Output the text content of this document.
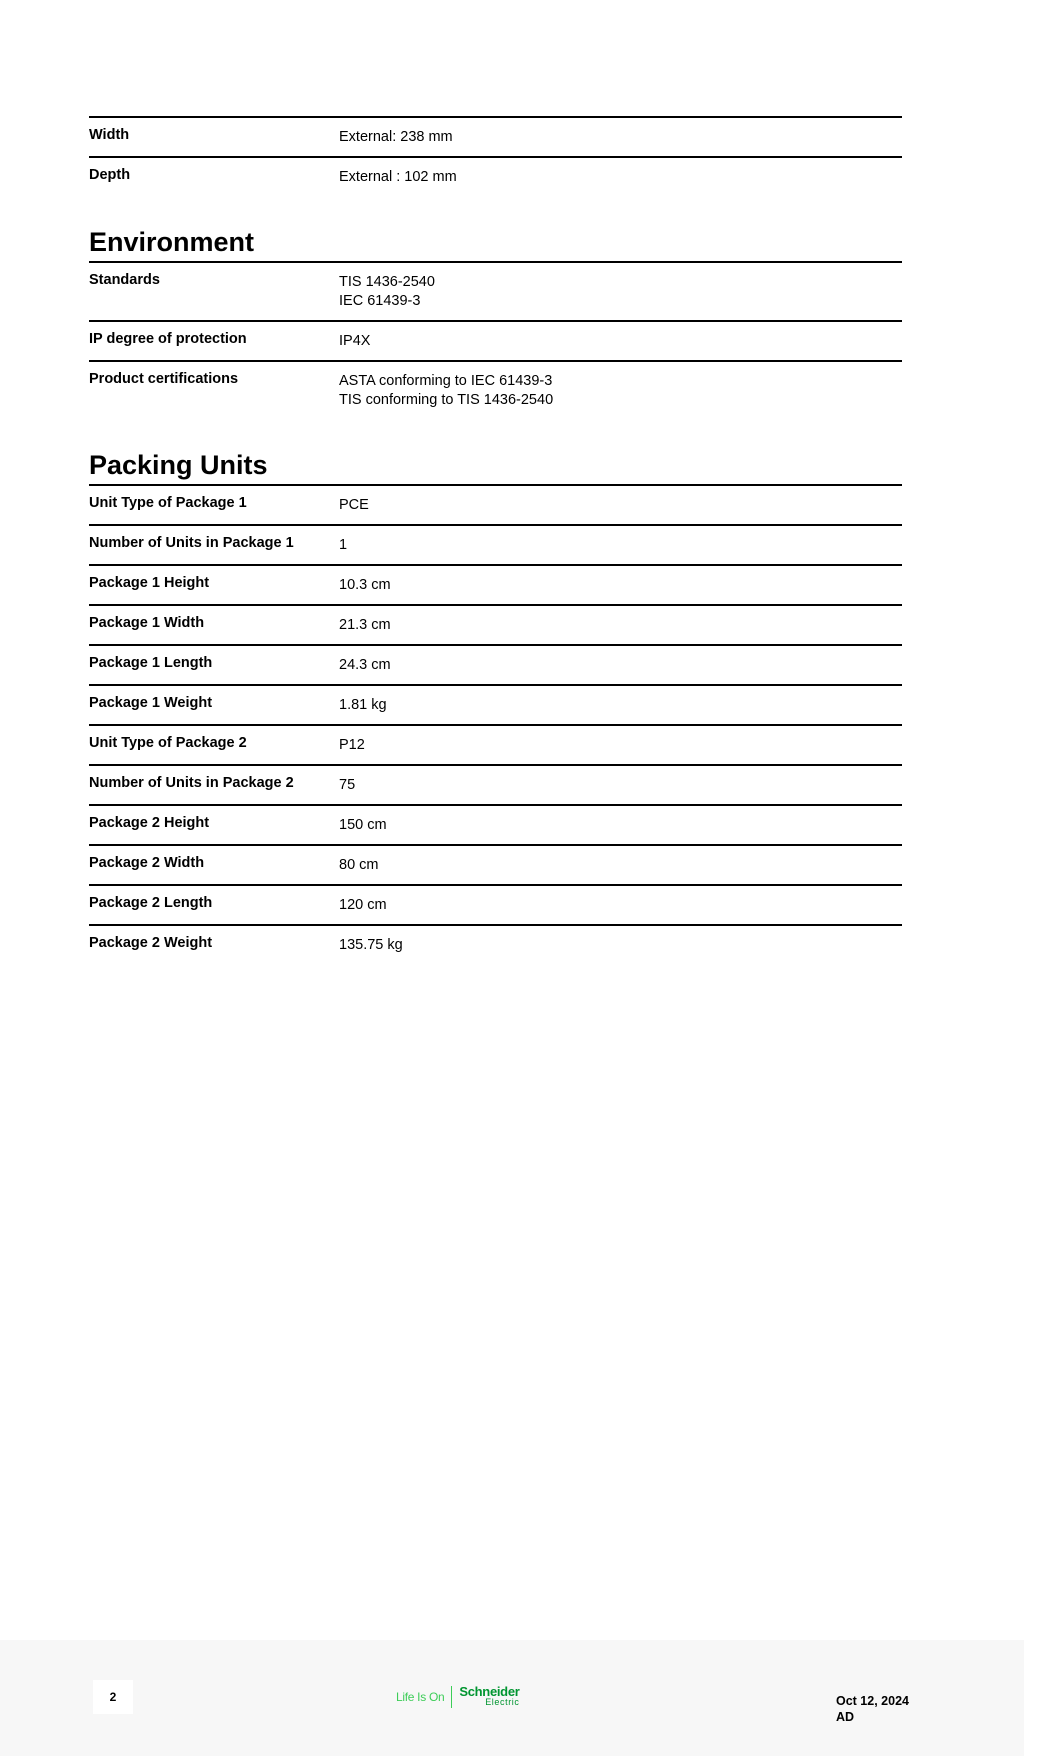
Width	External: 238 mm
Depth	External : 102 mm
Environment
Standards	TIS 1436-2540
IEC 61439-3
IP degree of protection	IP4X
Product certifications	ASTA conforming to IEC 61439-3
TIS conforming to TIS 1436-2540
Packing Units
Unit Type of Package 1	PCE
Number of Units in Package 1	1
Package 1 Height	10.3 cm
Package 1 Width	21.3 cm
Package 1 Length	24.3 cm
Package 1 Weight	1.81 kg
Unit Type of Package 2	P12
Number of Units in Package 2	75
Package 2 Height	150 cm
Package 2 Width	80 cm
Package 2 Length	120 cm
Package 2 Weight	135.75 kg
2	Life Is On Schneider
Electric	Oct 12, 2024
AD
